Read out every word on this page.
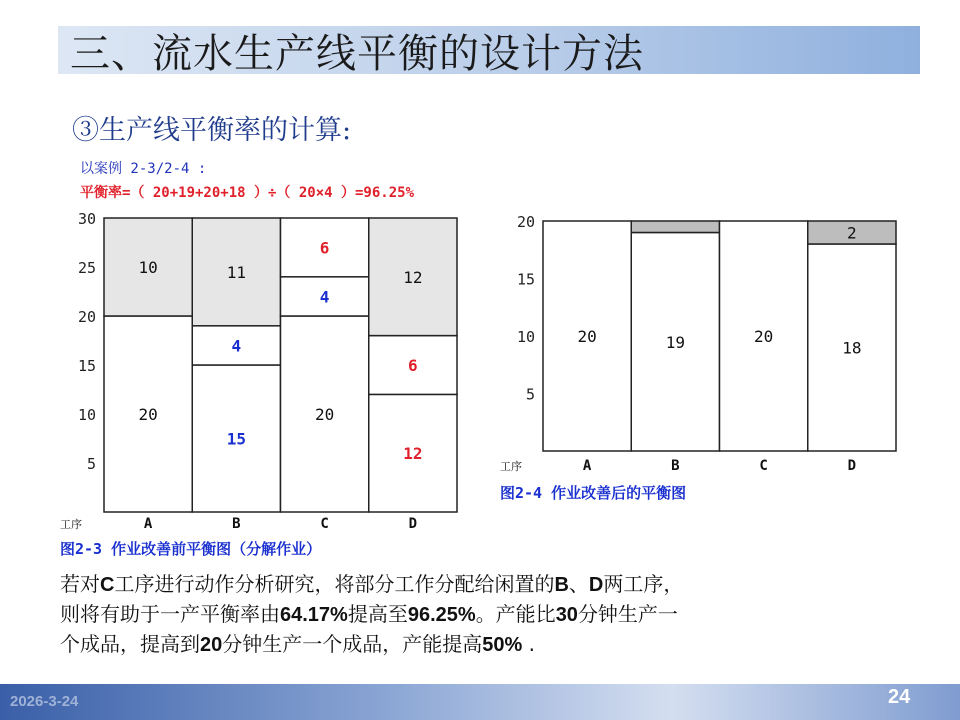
三、流水生产线平衡的设计方法
③生产线平衡率的计算:
以案例 2-3/2-4 :
平衡率=（ 20+19+20+18 ）÷（ 20×4 ）=96.25%
20
10
15
4
11
20
4
6
12
6
12
5
10
15
20
25
30
A	B	C	D
工序
图2-3 作业改善前平衡图（分解作业）
20	19	20
18
2
5
10
15
20
A	B	C	D
工序
图2-4 作业改善后的平衡图
若对C工序进行动作分析研究，将部分工作分配给闲置的B、D两工序，
则将有助于一产平衡率由64.17%提高至96.25%。产能比30分钟生产一
个成品，提高到20分钟生产一个成品，产能提高50% .
2026-3-24	24
